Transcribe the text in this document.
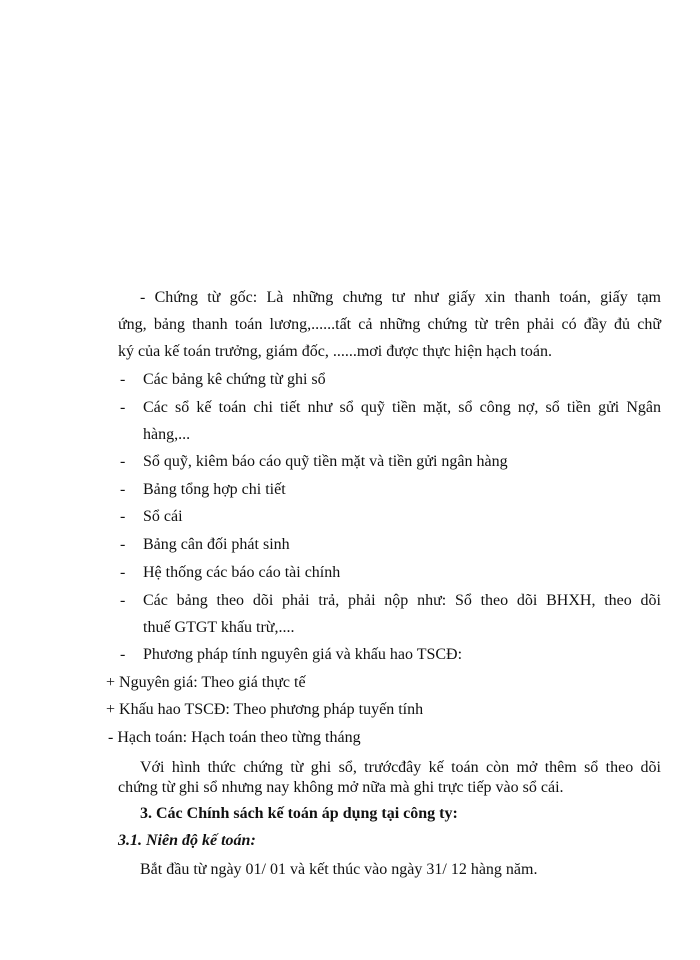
- Chứng từ gốc: Là những chưng tư như giấy xin thanh toán, giấy tạm
ứng, bảng thanh toán lương,......tất cả những chứng từ trên phải có đầy đủ chữ
ký của kế toán trưởng, giám đốc, ......mơi được thực hiện hạch toán.
- Các bảng kê chứng từ ghi sổ
- Các sổ kế toán chi tiết như sổ quỹ tiền mặt, sổ công nợ, sổ tiền gửi Ngân
hàng,...
- Sổ quỹ, kiêm báo cáo quỹ tiền mặt và tiền gửi ngân hàng
- Bảng tổng hợp chi tiết
- Sổ cái
- Bảng cân đối phát sinh
- Hệ thống các báo cáo tài chính
- Các bảng theo dõi phải trả, phải nộp như: Sổ theo dõi BHXH, theo dõi
thuế GTGT khấu trừ,....
- Phương pháp tính nguyên giá và khấu hao TSCĐ:
+ Nguyên giá: Theo giá thực tế
+ Khấu hao TSCĐ: Theo phương pháp tuyến tính
- Hạch toán: Hạch toán theo từng tháng
Với hình thức chứng từ ghi sổ, trướcđây kế toán còn mở thêm sổ theo dõi
chứng từ ghi sổ nhưng nay không mở nữa mà ghi trực tiếp vào sổ cái.
3. Các Chính sách kế toán áp dụng tại công ty:
3.1. Niên độ kế toán:
Bắt đầu từ ngày 01/ 01 và kết thúc vào ngày 31/ 12 hàng năm.
